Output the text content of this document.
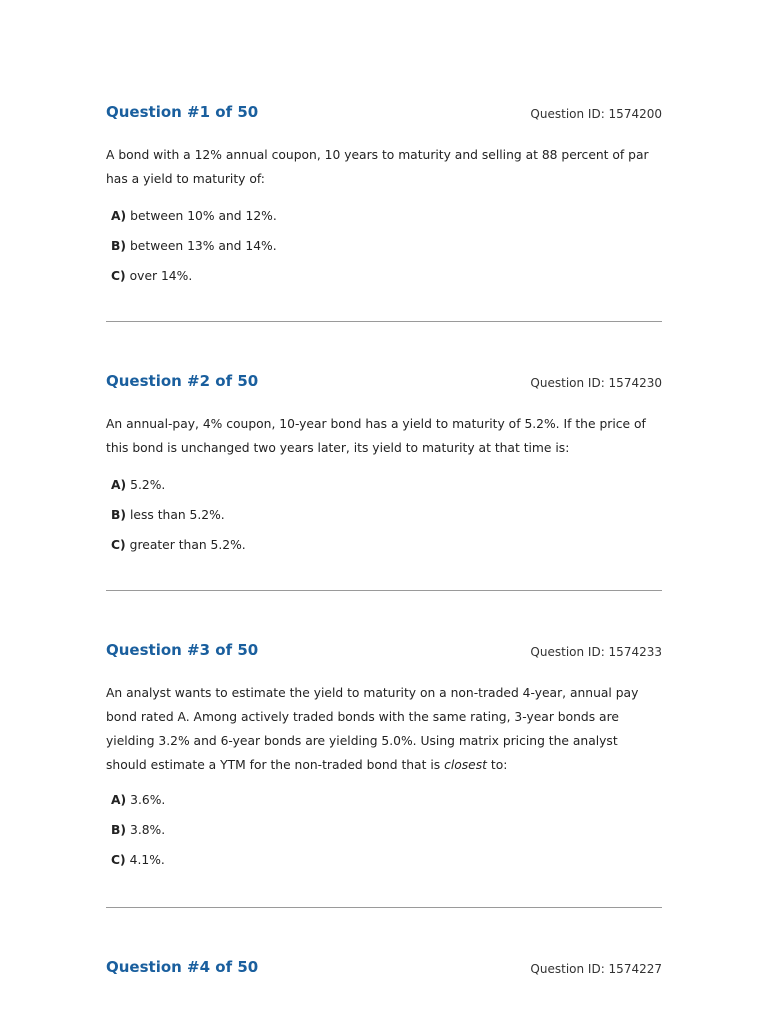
Question #1 of 50	Question ID: 1574200
A bond with a 12% annual coupon, 10 years to maturity and selling at 88 percent of par has a yield to maturity of:
A) between 10% and 12%.
B) between 13% and 14%.
C) over 14%.
Question #2 of 50	Question ID: 1574230
An annual-pay, 4% coupon, 10-year bond has a yield to maturity of 5.2%. If the price of this bond is unchanged two years later, its yield to maturity at that time is:
A) 5.2%.
B) less than 5.2%.
C) greater than 5.2%.
Question #3 of 50	Question ID: 1574233
An analyst wants to estimate the yield to maturity on a non-traded 4-year, annual pay bond rated A. Among actively traded bonds with the same rating, 3-year bonds are yielding 3.2% and 6-year bonds are yielding 5.0%. Using matrix pricing the analyst should estimate a YTM for the non-traded bond that is closest to:
A) 3.6%.
B) 3.8%.
C) 4.1%.
Question #4 of 50	Question ID: 1574227
